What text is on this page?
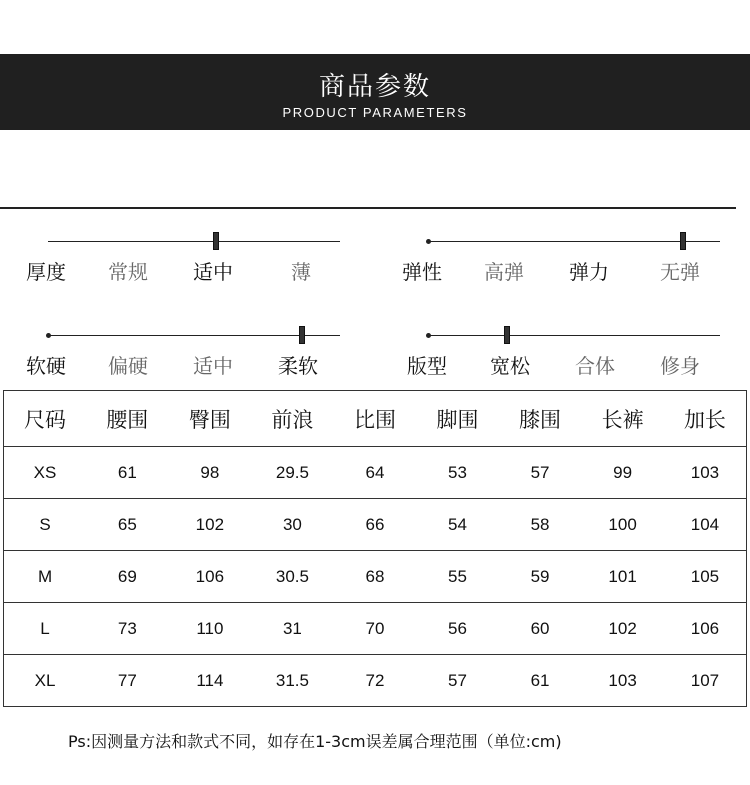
商品参数
PRODUCT PARAMETERS
厚度 常规 适中	薄	弹性 高弹 弹力	无弹
软硬 偏硬 适中 柔软	版型 宽松 合体 修身
尺码	腰围	臀围	前浪	比围	脚围	膝围	长裤	加长
XS	61	98	29.5	64	53	57	99	103
S	65	102	30	66	54	58	100	104
M	69	106	30.5	68	55	59	101	105
L	73	110	31	70	56	60	102	106
XL	77	114	31.5	72	57	61	103	107
Ps:因测量方法和款式不同，如存在1-3cm误差属合理范围（单位:cm)
